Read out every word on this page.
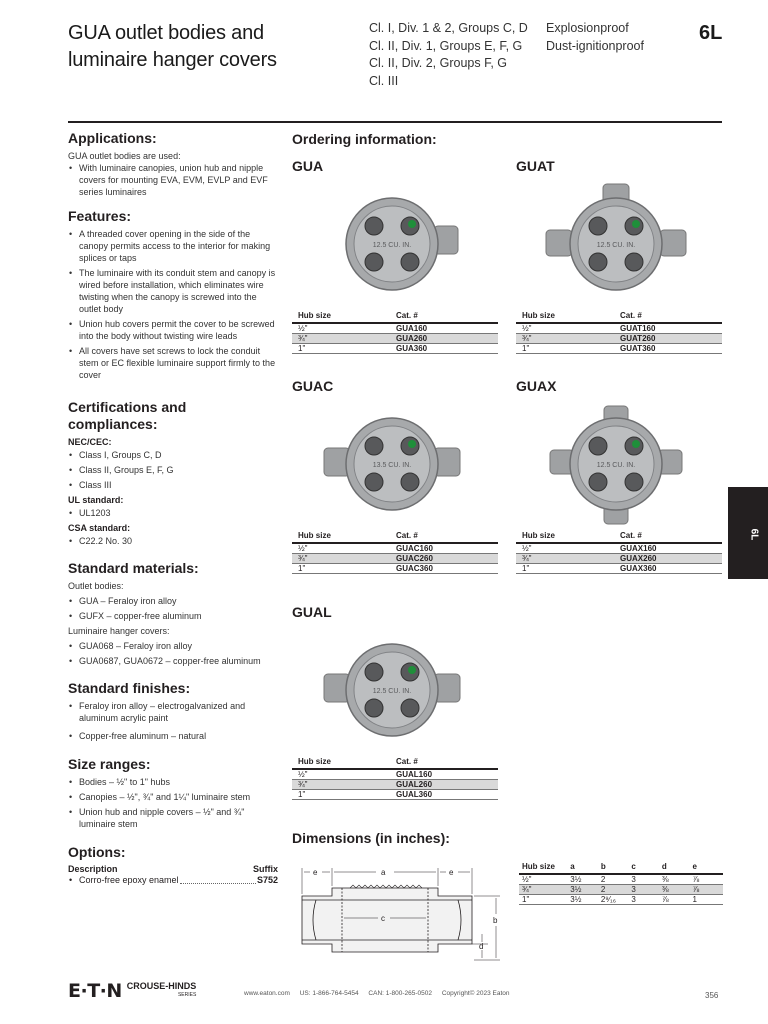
GUA outlet bodies and
luminaire hanger covers
Cl. I, Div. 1 & 2, Groups C, D
Cl. II, Div. 1, Groups E, F, G
Cl. II, Div. 2, Groups F, G
Cl. III
Explosionproof
Dust-ignitionproof
6L
Applications:
GUA outlet bodies are used:
• With luminaire canopies, union hub and nipple covers for mounting EVA, EVM, EVLP and EVF series luminaires
Features:
• A threaded cover opening in the side of the canopy permits access to the interior for making splices or taps
• The luminaire with its conduit stem and canopy is wired before installation, which eliminates wire twisting when the canopy is screwed into the outlet body
• Union hub covers permit the cover to be screwed into the body without twisting wire leads
• All covers have set screws to lock the conduit stem or EC flexible luminaire support firmly to the cover
Certifications and
compliances:
NEC/CEC:
• Class I, Groups C, D
• Class II, Groups E, F, G
• Class III
UL standard:
• UL1203
CSA standard:
• C22.2 No. 30
Standard materials:
Outlet bodies:
• GUA – Feraloy iron alloy
• GUFX – copper-free aluminum
Luminaire hanger covers:
• GUA068 – Feraloy iron alloy
• GUA0687, GUA0672 – copper-free aluminum
Standard finishes:
• Feraloy iron alloy – electrogalvanized and aluminum acrylic paint
• Copper-free aluminum – natural
Size ranges:
• Bodies – ½" to 1" hubs
• Canopies – ½", ¾" and 1¼" luminaire stem
• Union hub and nipple covers – ½" and ¾" luminaire stem
Options:
Description	Suffix
• Corro-free epoxy enamel	S752
Ordering information:
GUA
12.5 CU. IN.
Hub size	Cat. #
½"	GUA160
¾"	GUA260
1"	GUA360
GUAT
12.5 CU. IN.
Hub size	Cat. #
½"	GUAT160
¾"	GUAT260
1"	GUAT360
GUAC
13.5 CU. IN.
Hub size	Cat. #
½"	GUAC160
¾"	GUAC260
1"	GUAC360
GUAX
12.5 CU. IN.
Hub size	Cat. #
½"	GUAX160
¾"	GUAX260
1"	GUAX360
GUAL
12.5 CU. IN.
Hub size	Cat. #
½"	GUAL160
¾"	GUAL260
1"	GUAL360
6L
Dimensions (in inches):
a
e	e
c	b
d
Hub size	a	b	c	d	e
½"	3½	2	3	⅜	⅞
¾"	3½	2	3	⅜	⅞
1"	3½	2⁹⁄₁₆	3	⅞	1
E·T·N CROUSE-HINDS
SERIES	www.eaton.com US: 1-866-764-5454 CAN: 1-800-265-0502 Copyright© 2023 Eaton	356
